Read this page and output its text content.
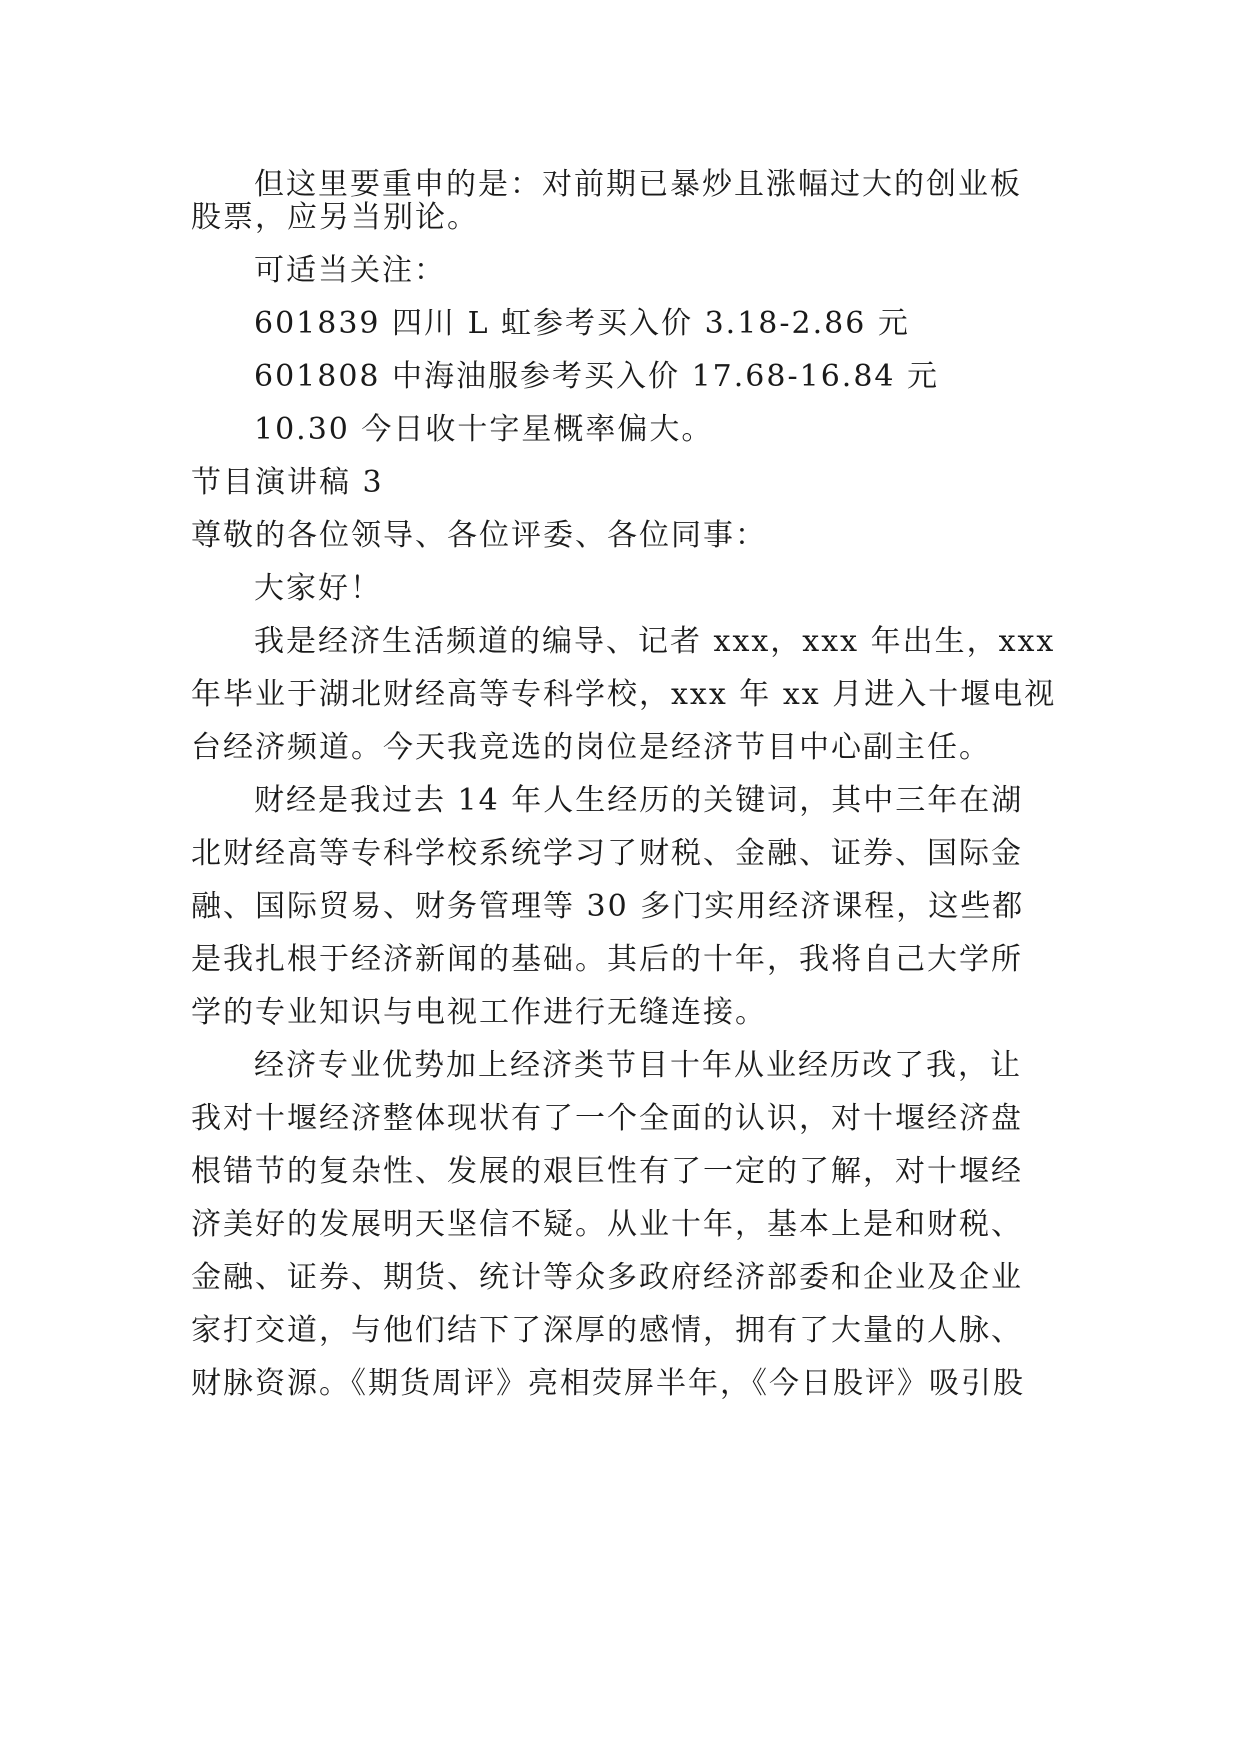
但这里要重申的是：对前期已暴炒且涨幅过大的创业板
股票，应另当别论。
可适当关注：
601839 四川 L 虹参考买入价 3.18-2.86 元
601808 中海油服参考买入价 17.68-16.84 元
10.30 今日收十字星概率偏大。
节目演讲稿 3
尊敬的各位领导、各位评委、各位同事：
大家好！
我是经济生活频道的编导、记者 xxx，xxx 年出生，xxx
年毕业于湖北财经高等专科学校，xxx 年 xx 月进入十堰电视
台经济频道。今天我竞选的岗位是经济节目中心副主任。
财经是我过去 14 年人生经历的关键词，其中三年在湖
北财经高等专科学校系统学习了财税、金融、证券、国际金
融、国际贸易、财务管理等 30 多门实用经济课程，这些都
是我扎根于经济新闻的基础。其后的十年，我将自己大学所
学的专业知识与电视工作进行无缝连接。
经济专业优势加上经济类节目十年从业经历改了我，让
我对十堰经济整体现状有了一个全面的认识，对十堰经济盘
根错节的复杂性、发展的艰巨性有了一定的了解，对十堰经
济美好的发展明天坚信不疑。从业十年，基本上是和财税、
金融、证券、期货、统计等众多政府经济部委和企业及企业
家打交道，与他们结下了深厚的感情，拥有了大量的人脉、
财脉资源。《期货周评》亮相荧屏半年，《今日股评》吸引股
